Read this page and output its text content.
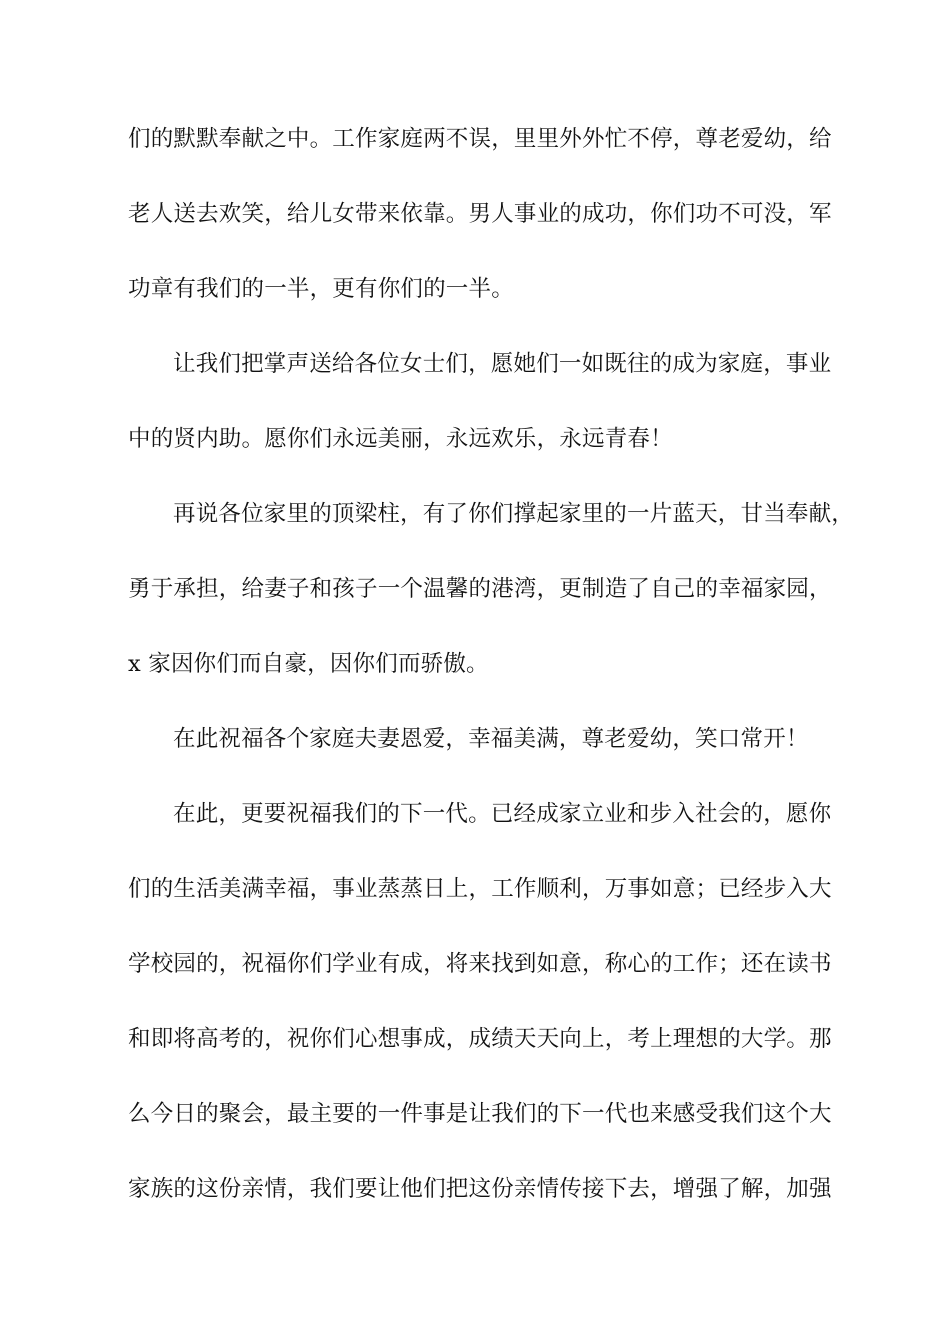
们的默默奉献之中。工作家庭两不误，里里外外忙不停，尊老爱幼，给
老人送去欢笑，给儿女带来依靠。男人事业的成功，你们功不可没，军
功章有我们的一半，更有你们的一半。
让我们把掌声送给各位女士们，愿她们一如既往的成为家庭，事业
中的贤内助。愿你们永远美丽，永远欢乐，永远青春！
再说各位家里的顶梁柱，有了你们撑起家里的一片蓝天，甘当奉献，
勇于承担，给妻子和孩子一个温馨的港湾，更制造了自己的幸福家园，
x 家因你们而自豪，因你们而骄傲。
在此祝福各个家庭夫妻恩爱，幸福美满，尊老爱幼，笑口常开！
在此，更要祝福我们的下一代。已经成家立业和步入社会的，愿你
们的生活美满幸福，事业蒸蒸日上，工作顺利，万事如意；已经步入大
学校园的，祝福你们学业有成，将来找到如意，称心的工作；还在读书
和即将高考的，祝你们心想事成，成绩天天向上，考上理想的大学。那
么今日的聚会，最主要的一件事是让我们的下一代也来感受我们这个大
家族的这份亲情，我们要让他们把这份亲情传接下去，增强了解，加强
